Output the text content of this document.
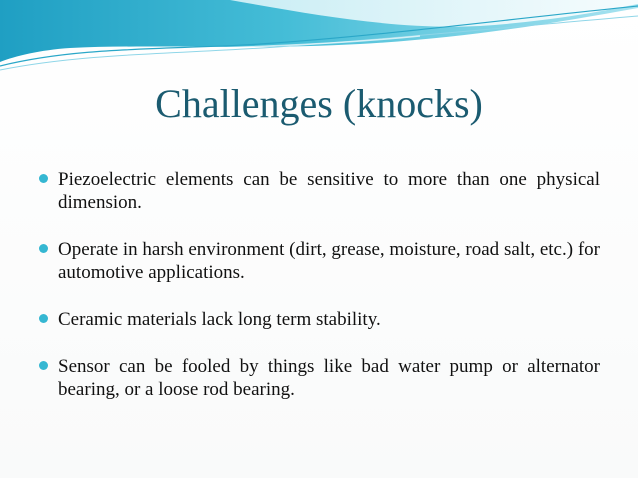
Challenges (knocks)
Piezoelectric elements can be sensitive to more than one physical dimension.
Operate in harsh environment (dirt, grease, moisture, road salt, etc.) for automotive applications.
Ceramic materials lack long term stability.
Sensor can be fooled by things like bad water pump or alternator bearing, or a loose rod bearing.
